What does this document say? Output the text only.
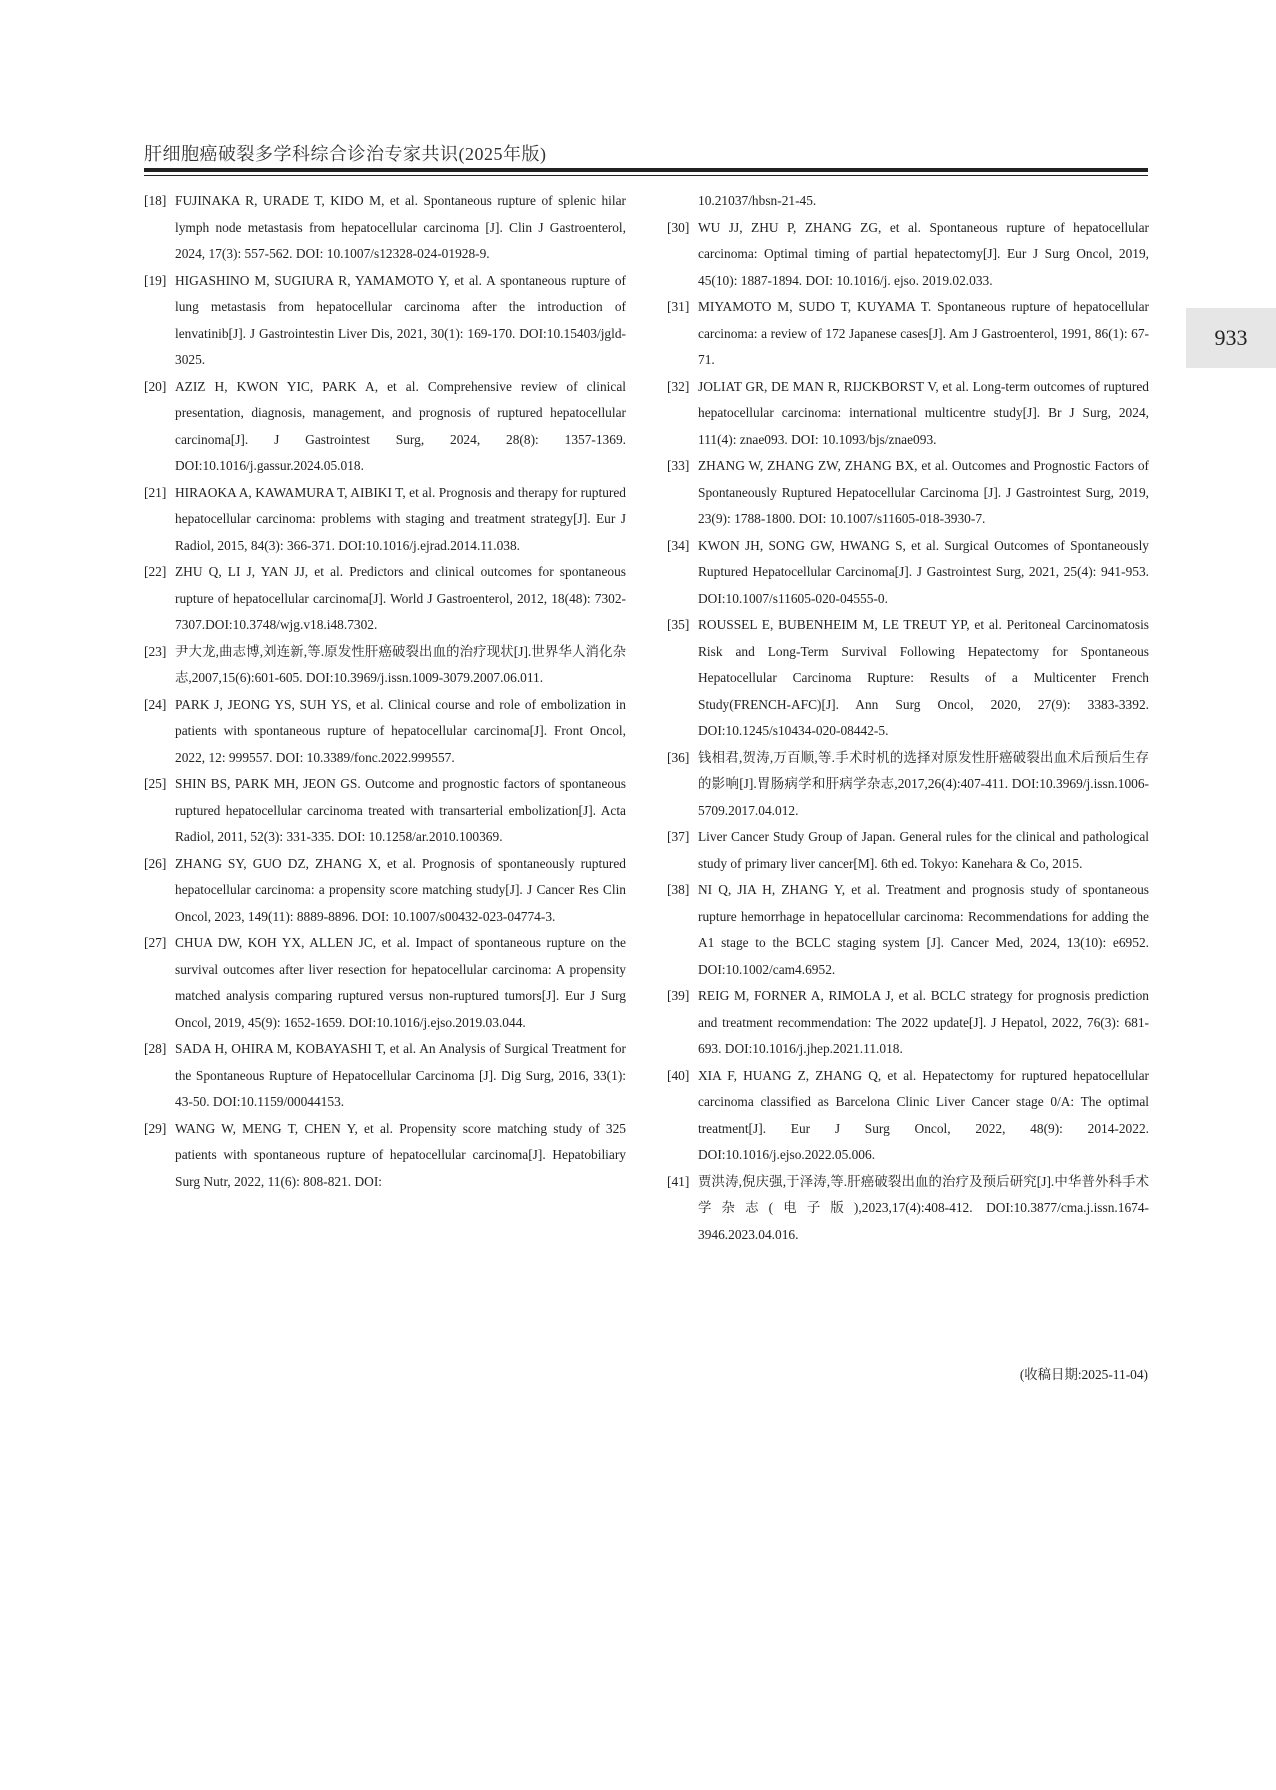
肝细胞癌破裂多学科综合诊治专家共识(2025年版)
933
[18] FUJINAKA R, URADE T, KIDO M, et al. Spontaneous rupture of splenic hilar lymph node metastasis from hepatocellular carcinoma [J]. Clin J Gastroenterol, 2024, 17(3): 557-562. DOI: 10.1007/s12328-024-01928-9.
[19] HIGASHINO M, SUGIURA R, YAMAMOTO Y, et al. A spontaneous rupture of lung metastasis from hepatocellular carcinoma after the introduction of lenvatinib[J]. J Gastrointestin Liver Dis, 2021, 30(1): 169-170. DOI:10.15403/jgld-3025.
[20] AZIZ H, KWON YIC, PARK A, et al. Comprehensive review of clinical presentation, diagnosis, management, and prognosis of ruptured hepatocellular carcinoma[J]. J Gastrointest Surg, 2024, 28(8): 1357-1369. DOI:10.1016/j.gassur.2024.05.018.
[21] HIRAOKA A, KAWAMURA T, AIBIKI T, et al. Prognosis and therapy for ruptured hepatocellular carcinoma: problems with staging and treatment strategy[J]. Eur J Radiol, 2015, 84(3): 366-371. DOI:10.1016/j.ejrad.2014.11.038.
[22] ZHU Q, LI J, YAN JJ, et al. Predictors and clinical outcomes for spontaneous rupture of hepatocellular carcinoma[J]. World J Gastroenterol, 2012, 18(48): 7302-7307.DOI:10.3748/wjg.v18.i48.7302.
[23] 尹大龙,曲志博,刘连新,等.原发性肝癌破裂出血的治疗现状[J].世界华人消化杂志,2007,15(6):601-605. DOI:10.3969/j.issn.1009-3079.2007.06.011.
[24] PARK J, JEONG YS, SUH YS, et al. Clinical course and role of embolization in patients with spontaneous rupture of hepatocellular carcinoma[J]. Front Oncol, 2022, 12: 999557. DOI: 10.3389/fonc.2022.999557.
[25] SHIN BS, PARK MH, JEON GS. Outcome and prognostic factors of spontaneous ruptured hepatocellular carcinoma treated with transarterial embolization[J]. Acta Radiol, 2011, 52(3): 331-335. DOI: 10.1258/ar.2010.100369.
[26] ZHANG SY, GUO DZ, ZHANG X, et al. Prognosis of spontaneously ruptured hepatocellular carcinoma: a propensity score matching study[J]. J Cancer Res Clin Oncol, 2023, 149(11): 8889-8896. DOI: 10.1007/s00432-023-04774-3.
[27] CHUA DW, KOH YX, ALLEN JC, et al. Impact of spontaneous rupture on the survival outcomes after liver resection for hepatocellular carcinoma: A propensity matched analysis comparing ruptured versus non-ruptured tumors[J]. Eur J Surg Oncol, 2019, 45(9): 1652-1659. DOI:10.1016/j.ejso.2019.03.044.
[28] SADA H, OHIRA M, KOBAYASHI T, et al. An Analysis of Surgical Treatment for the Spontaneous Rupture of Hepatocellular Carcinoma [J]. Dig Surg, 2016, 33(1): 43-50. DOI:10.1159/00044153.
[29] WANG W, MENG T, CHEN Y, et al. Propensity score matching study of 325 patients with spontaneous rupture of hepatocellular carcinoma[J]. Hepatobiliary Surg Nutr, 2022, 11(6): 808-821. DOI:
10.21037/hbsn-21-45.
[30] WU JJ, ZHU P, ZHANG ZG, et al. Spontaneous rupture of hepatocellular carcinoma: Optimal timing of partial hepatectomy[J]. Eur J Surg Oncol, 2019, 45(10): 1887-1894. DOI: 10.1016/j. ejso. 2019.02.033.
[31] MIYAMOTO M, SUDO T, KUYAMA T. Spontaneous rupture of hepatocellular carcinoma: a review of 172 Japanese cases[J]. Am J Gastroenterol, 1991, 86(1): 67-71.
[32] JOLIAT GR, DE MAN R, RIJCKBORST V, et al. Long-term outcomes of ruptured hepatocellular carcinoma: international multicentre study[J]. Br J Surg, 2024, 111(4): znae093. DOI: 10.1093/bjs/znae093.
[33] ZHANG W, ZHANG ZW, ZHANG BX, et al. Outcomes and Prognostic Factors of Spontaneously Ruptured Hepatocellular Carcinoma [J]. J Gastrointest Surg, 2019, 23(9): 1788-1800. DOI: 10.1007/s11605-018-3930-7.
[34] KWON JH, SONG GW, HWANG S, et al. Surgical Outcomes of Spontaneously Ruptured Hepatocellular Carcinoma[J]. J Gastrointest Surg, 2021, 25(4): 941-953. DOI:10.1007/s11605-020-04555-0.
[35] ROUSSEL E, BUBENHEIM M, LE TREUT YP, et al. Peritoneal Carcinomatosis Risk and Long-Term Survival Following Hepatectomy for Spontaneous Hepatocellular Carcinoma Rupture: Results of a Multicenter French Study(FRENCH-AFC)[J]. Ann Surg Oncol, 2020, 27(9): 3383-3392. DOI:10.1245/s10434-020-08442-5.
[36] 钱相君,贺涛,万百顺,等.手术时机的选择对原发性肝癌破裂出血术后预后生存的影响[J].胃肠病学和肝病学杂志,2017,26(4):407-411. DOI:10.3969/j.issn.1006-5709.2017.04.012.
[37] Liver Cancer Study Group of Japan. General rules for the clinical and pathological study of primary liver cancer[M]. 6th ed. Tokyo: Kanehara & Co, 2015.
[38] NI Q, JIA H, ZHANG Y, et al. Treatment and prognosis study of spontaneous rupture hemorrhage in hepatocellular carcinoma: Recommendations for adding the A1 stage to the BCLC staging system [J]. Cancer Med, 2024, 13(10): e6952. DOI:10.1002/cam4.6952.
[39] REIG M, FORNER A, RIMOLA J, et al. BCLC strategy for prognosis prediction and treatment recommendation: The 2022 update[J]. J Hepatol, 2022, 76(3): 681-693. DOI:10.1016/j.jhep.2021.11.018.
[40] XIA F, HUANG Z, ZHANG Q, et al. Hepatectomy for ruptured hepatocellular carcinoma classified as Barcelona Clinic Liver Cancer stage 0/A: The optimal treatment[J]. Eur J Surg Oncol, 2022, 48(9): 2014-2022. DOI:10.1016/j.ejso.2022.05.006.
[41] 贾洪涛,倪庆强,于泽涛,等.肝癌破裂出血的治疗及预后研究[J].中华普外科手术学杂志(电子版),2023,17(4):408-412. DOI:10.3877/cma.j.issn.1674-3946.2023.04.016.
(收稿日期:2025-11-04)
